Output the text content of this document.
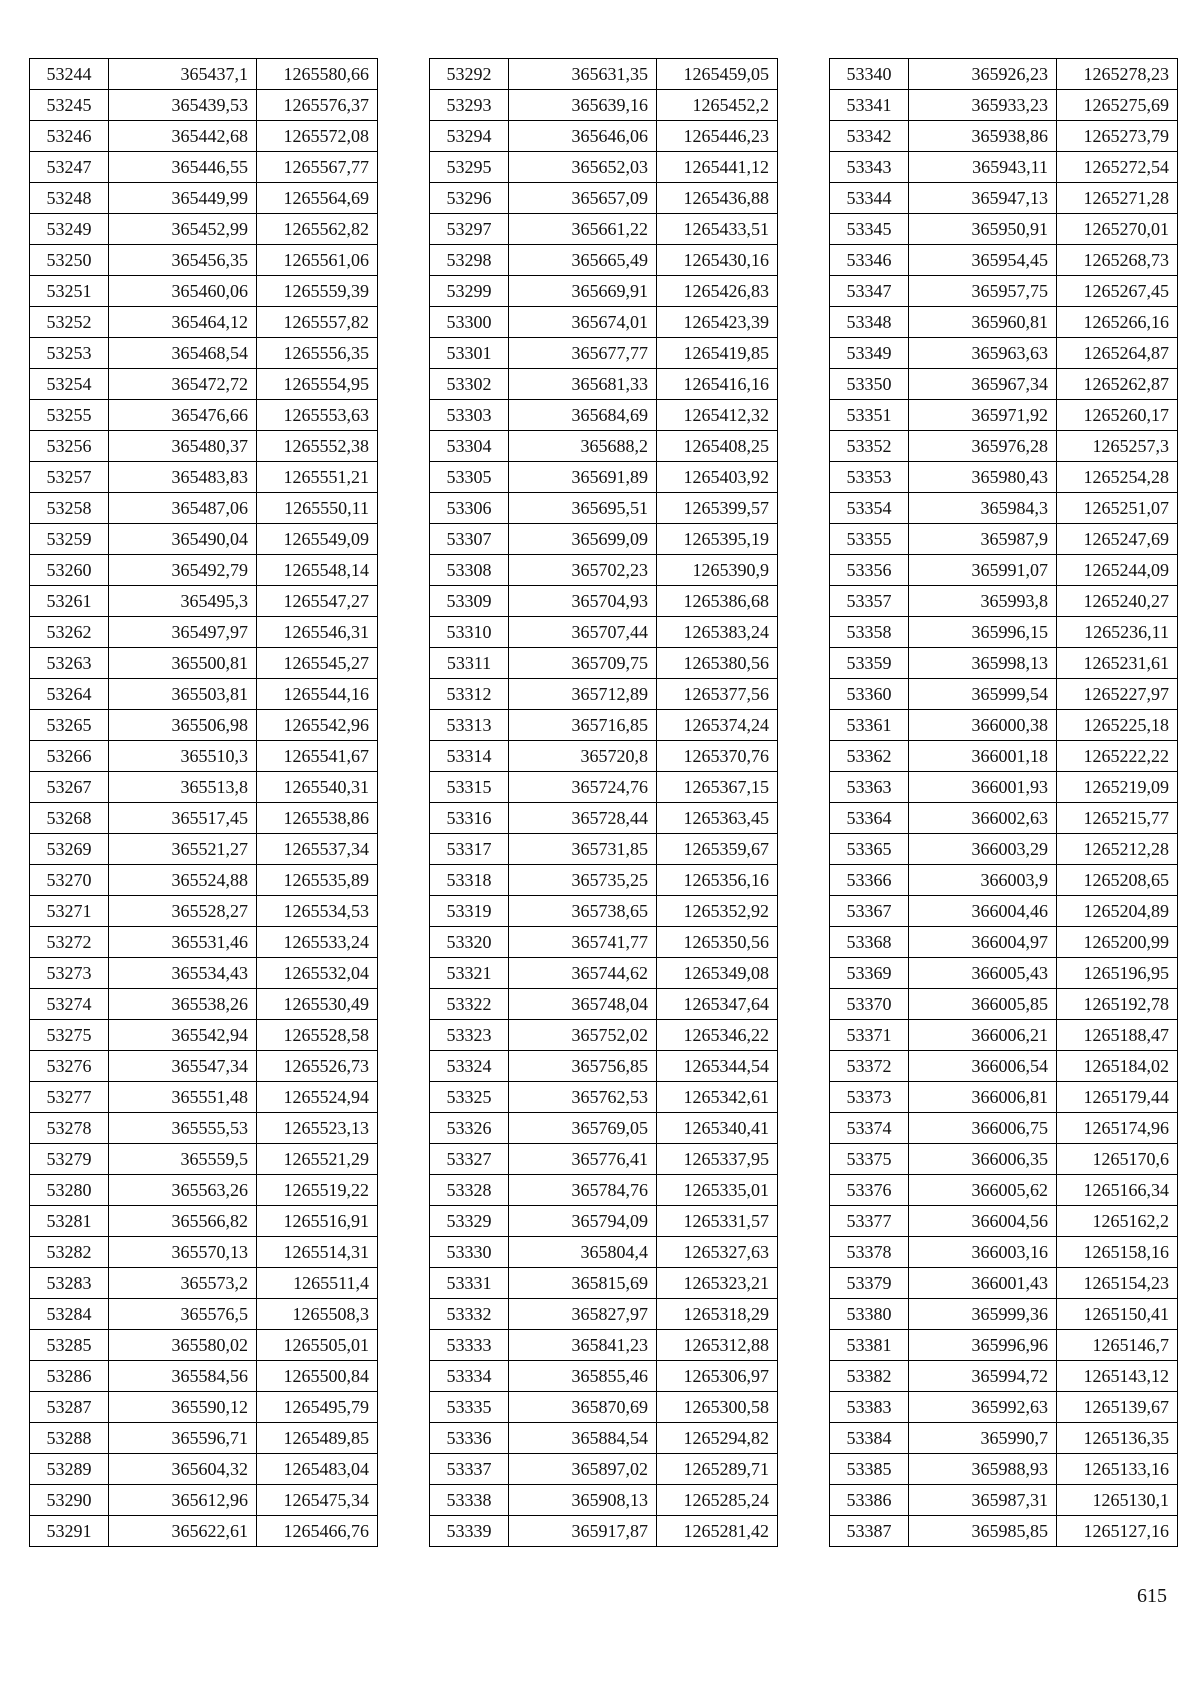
53244	365437,1	1265580,66
53245	365439,53	1265576,37
53246	365442,68	1265572,08
53247	365446,55	1265567,77
53248	365449,99	1265564,69
53249	365452,99	1265562,82
53250	365456,35	1265561,06
53251	365460,06	1265559,39
53252	365464,12	1265557,82
53253	365468,54	1265556,35
53254	365472,72	1265554,95
53255	365476,66	1265553,63
53256	365480,37	1265552,38
53257	365483,83	1265551,21
53258	365487,06	1265550,11
53259	365490,04	1265549,09
53260	365492,79	1265548,14
53261	365495,3	1265547,27
53262	365497,97	1265546,31
53263	365500,81	1265545,27
53264	365503,81	1265544,16
53265	365506,98	1265542,96
53266	365510,3	1265541,67
53267	365513,8	1265540,31
53268	365517,45	1265538,86
53269	365521,27	1265537,34
53270	365524,88	1265535,89
53271	365528,27	1265534,53
53272	365531,46	1265533,24
53273	365534,43	1265532,04
53274	365538,26	1265530,49
53275	365542,94	1265528,58
53276	365547,34	1265526,73
53277	365551,48	1265524,94
53278	365555,53	1265523,13
53279	365559,5	1265521,29
53280	365563,26	1265519,22
53281	365566,82	1265516,91
53282	365570,13	1265514,31
53283	365573,2	1265511,4
53284	365576,5	1265508,3
53285	365580,02	1265505,01
53286	365584,56	1265500,84
53287	365590,12	1265495,79
53288	365596,71	1265489,85
53289	365604,32	1265483,04
53290	365612,96	1265475,34
53291	365622,61	1265466,76
53292	365631,35	1265459,05
53293	365639,16	1265452,2
53294	365646,06	1265446,23
53295	365652,03	1265441,12
53296	365657,09	1265436,88
53297	365661,22	1265433,51
53298	365665,49	1265430,16
53299	365669,91	1265426,83
53300	365674,01	1265423,39
53301	365677,77	1265419,85
53302	365681,33	1265416,16
53303	365684,69	1265412,32
53304	365688,2	1265408,25
53305	365691,89	1265403,92
53306	365695,51	1265399,57
53307	365699,09	1265395,19
53308	365702,23	1265390,9
53309	365704,93	1265386,68
53310	365707,44	1265383,24
53311	365709,75	1265380,56
53312	365712,89	1265377,56
53313	365716,85	1265374,24
53314	365720,8	1265370,76
53315	365724,76	1265367,15
53316	365728,44	1265363,45
53317	365731,85	1265359,67
53318	365735,25	1265356,16
53319	365738,65	1265352,92
53320	365741,77	1265350,56
53321	365744,62	1265349,08
53322	365748,04	1265347,64
53323	365752,02	1265346,22
53324	365756,85	1265344,54
53325	365762,53	1265342,61
53326	365769,05	1265340,41
53327	365776,41	1265337,95
53328	365784,76	1265335,01
53329	365794,09	1265331,57
53330	365804,4	1265327,63
53331	365815,69	1265323,21
53332	365827,97	1265318,29
53333	365841,23	1265312,88
53334	365855,46	1265306,97
53335	365870,69	1265300,58
53336	365884,54	1265294,82
53337	365897,02	1265289,71
53338	365908,13	1265285,24
53339	365917,87	1265281,42
53340	365926,23	1265278,23
53341	365933,23	1265275,69
53342	365938,86	1265273,79
53343	365943,11	1265272,54
53344	365947,13	1265271,28
53345	365950,91	1265270,01
53346	365954,45	1265268,73
53347	365957,75	1265267,45
53348	365960,81	1265266,16
53349	365963,63	1265264,87
53350	365967,34	1265262,87
53351	365971,92	1265260,17
53352	365976,28	1265257,3
53353	365980,43	1265254,28
53354	365984,3	1265251,07
53355	365987,9	1265247,69
53356	365991,07	1265244,09
53357	365993,8	1265240,27
53358	365996,15	1265236,11
53359	365998,13	1265231,61
53360	365999,54	1265227,97
53361	366000,38	1265225,18
53362	366001,18	1265222,22
53363	366001,93	1265219,09
53364	366002,63	1265215,77
53365	366003,29	1265212,28
53366	366003,9	1265208,65
53367	366004,46	1265204,89
53368	366004,97	1265200,99
53369	366005,43	1265196,95
53370	366005,85	1265192,78
53371	366006,21	1265188,47
53372	366006,54	1265184,02
53373	366006,81	1265179,44
53374	366006,75	1265174,96
53375	366006,35	1265170,6
53376	366005,62	1265166,34
53377	366004,56	1265162,2
53378	366003,16	1265158,16
53379	366001,43	1265154,23
53380	365999,36	1265150,41
53381	365996,96	1265146,7
53382	365994,72	1265143,12
53383	365992,63	1265139,67
53384	365990,7	1265136,35
53385	365988,93	1265133,16
53386	365987,31	1265130,1
53387	365985,85	1265127,16
615
